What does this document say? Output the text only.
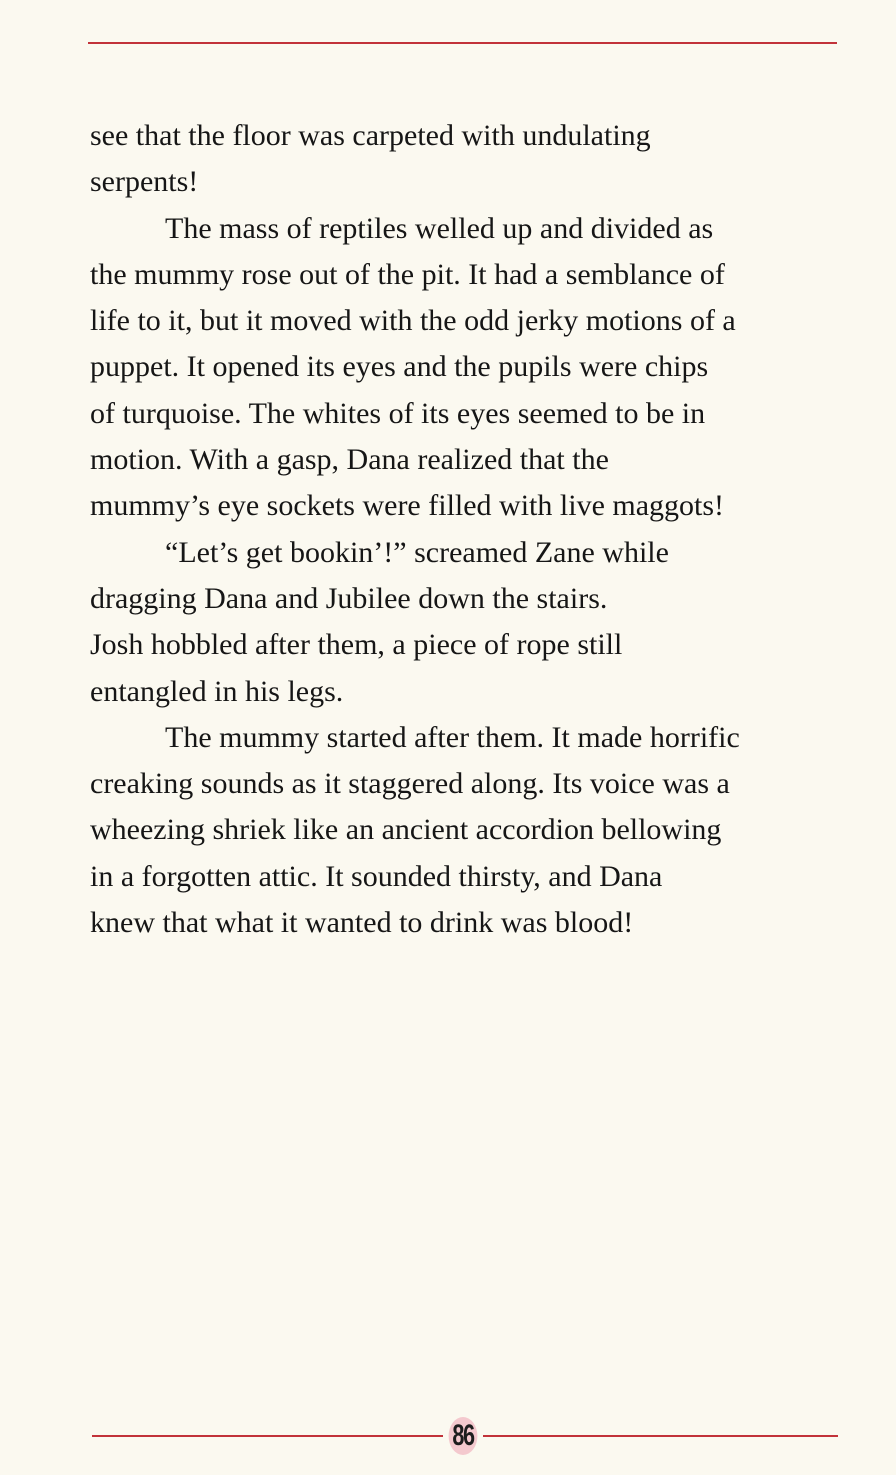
see that the floor was carpeted with undulating
serpents!
The mass of reptiles welled up and divided as
the mummy rose out of the pit. It had a semblance of
life to it, but it moved with the odd jerky motions of a
puppet. It opened its eyes and the pupils were chips
of turquoise. The whites of its eyes seemed to be in
motion. With a gasp, Dana realized that the
mummy’s eye sockets were filled with live maggots!
“Let’s get bookin’!” screamed Zane while
dragging Dana and Jubilee down the stairs.
Josh hobbled after them, a piece of rope still
entangled in his legs.
The mummy started after them. It made horrific
creaking sounds as it staggered along. Its voice was a
wheezing shriek like an ancient accordion bellowing
in a forgotten attic. It sounded thirsty, and Dana
knew that what it wanted to drink was blood!
86
